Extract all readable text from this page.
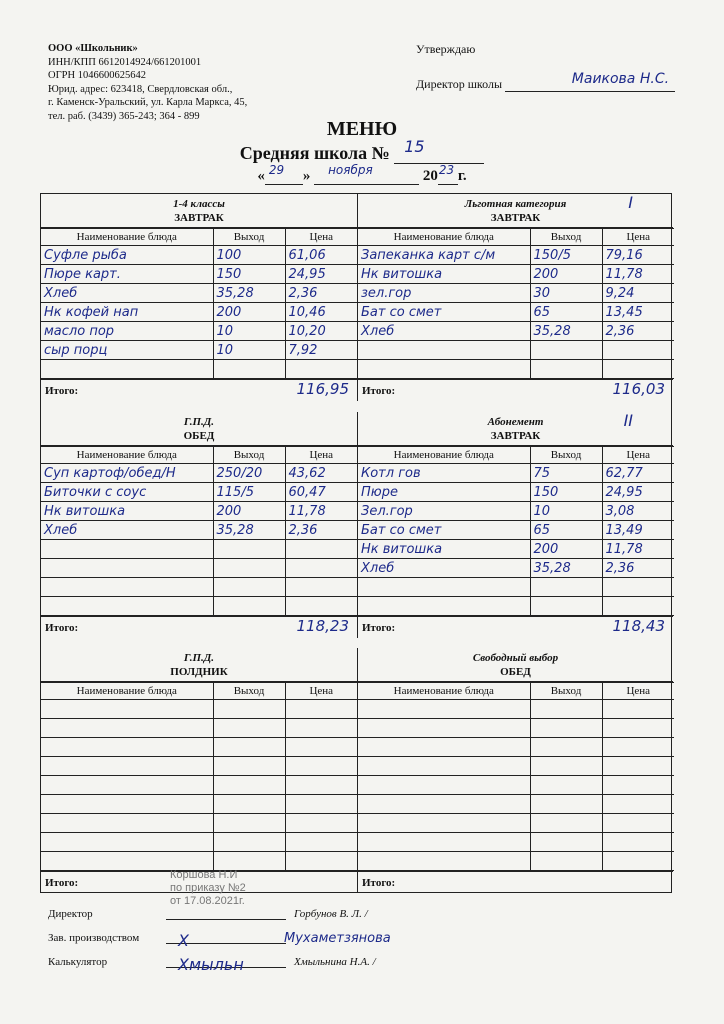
ООО «Школьник»
ИНН/КПП 6612014924/661201001
ОГРН 1046600625642
Юрид. адрес: 623418, Свердловская обл.,
г. Каменск-Уральский, ул. Карла Маркса, 45,
тел. раб. (3439) 365-243; 364 - 899
Утверждаю
Директор школы	Маикова Н.С.
МЕНЮ
Средняя школа № 15
« 29 » ноября	20 23 г.
1-4 классы
ЗАВТРАК
Наименование блюда	Выход	Цена
Суфле рыба	100	61,06
Пюре карт.	150	24,95
Хлеб	35,28	2,36
Нк кофей нап	200	10,46
масло пор	10	10,20
сыр порц	10	7,92

Итого:	116,95
Льготная категория
ЗАВТРАК
I
Наименование блюда	Выход	Цена
Запеканка карт с/м	150/5	79,16
Нк витошка	200	11,78
зел.гор	30	9,24
Бат со смет	65	13,45
Хлеб	35,28	2,36

Итого:	116,03
Г.П.Д.
ОБЕД
Наименование блюда	Выход	Цена
Суп картоф/обед/Н	250/20	43,62
Биточки с соус	115/5	60,47
Нк витошка	200	11,78
Хлеб	35,28	2,36

Итого:	118,23
Абонемент
ЗАВТРАК
II
Наименование блюда	Выход	Цена
Котл гов	75	62,77
Пюре	150	24,95
Зел.гор	10	3,08
Бат со смет	65	13,49
Нк витошка	200	11,78
Хлеб	35,28	2,36

Итого:	118,43
Г.П.Д.
ПОЛДНИК
Наименование блюда	Выход	Цена

Итого:
Свободный выбор
ОБЕД
Наименование блюда	Выход	Цена

Итого:
Коршова Н.И
по приказу №2
от 17.08.2021г.
Директор	Горбунов В. Л. /
Зав. производством Х	Мухаметзянова
Калькулятор	Хмыльн	Хмыльнина Н.А. /
